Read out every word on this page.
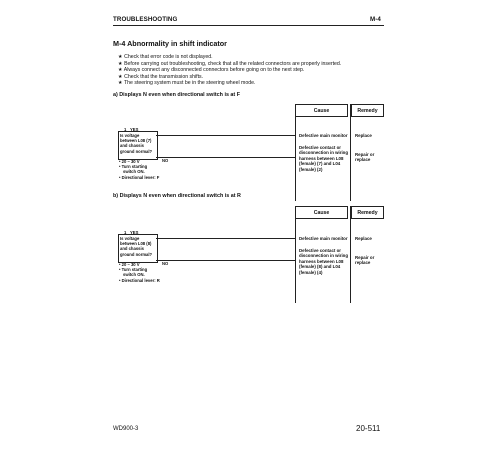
TROUBLESHOOTING	M-4
M-4 Abnormality in shift indicator
★ Check that error code is not displayed.
★ Before carrying out troubleshooting, check that all the related connectors are properly inserted.
★ Always connect any disconnected connectors before going on to the next step.
★ Check that the transmission shifts.
★ The steering system must be in the steering wheel mode.
a) Displays N even when directional switch is at F
Cause	Remedy
1 YES
Is voltage
between L08 (7)
and chassis
ground normal?
• 20 – 30 V
• Turn starting
switch ON.
• Directional lever: F
NO
Defective main monitor Replace
Defective contact or
disconnection in wiring
harness between L08
(female) (7) and L04
(female) (2)
Repair or
replace
b) Displays N even when directional switch is at R
Cause	Remedy
1 YES
Is voltage
between L08 (8)
and chassis
ground normal?
• 20 – 30 V
• Turn starting
switch ON.
• Directional lever: R
NO
Defective main monitor Replace
Defective contact or
disconnection in wiring
harness between L08
(female) (8) and L04
(female) (4)
Repair or
replace
WD900-3	20-511
